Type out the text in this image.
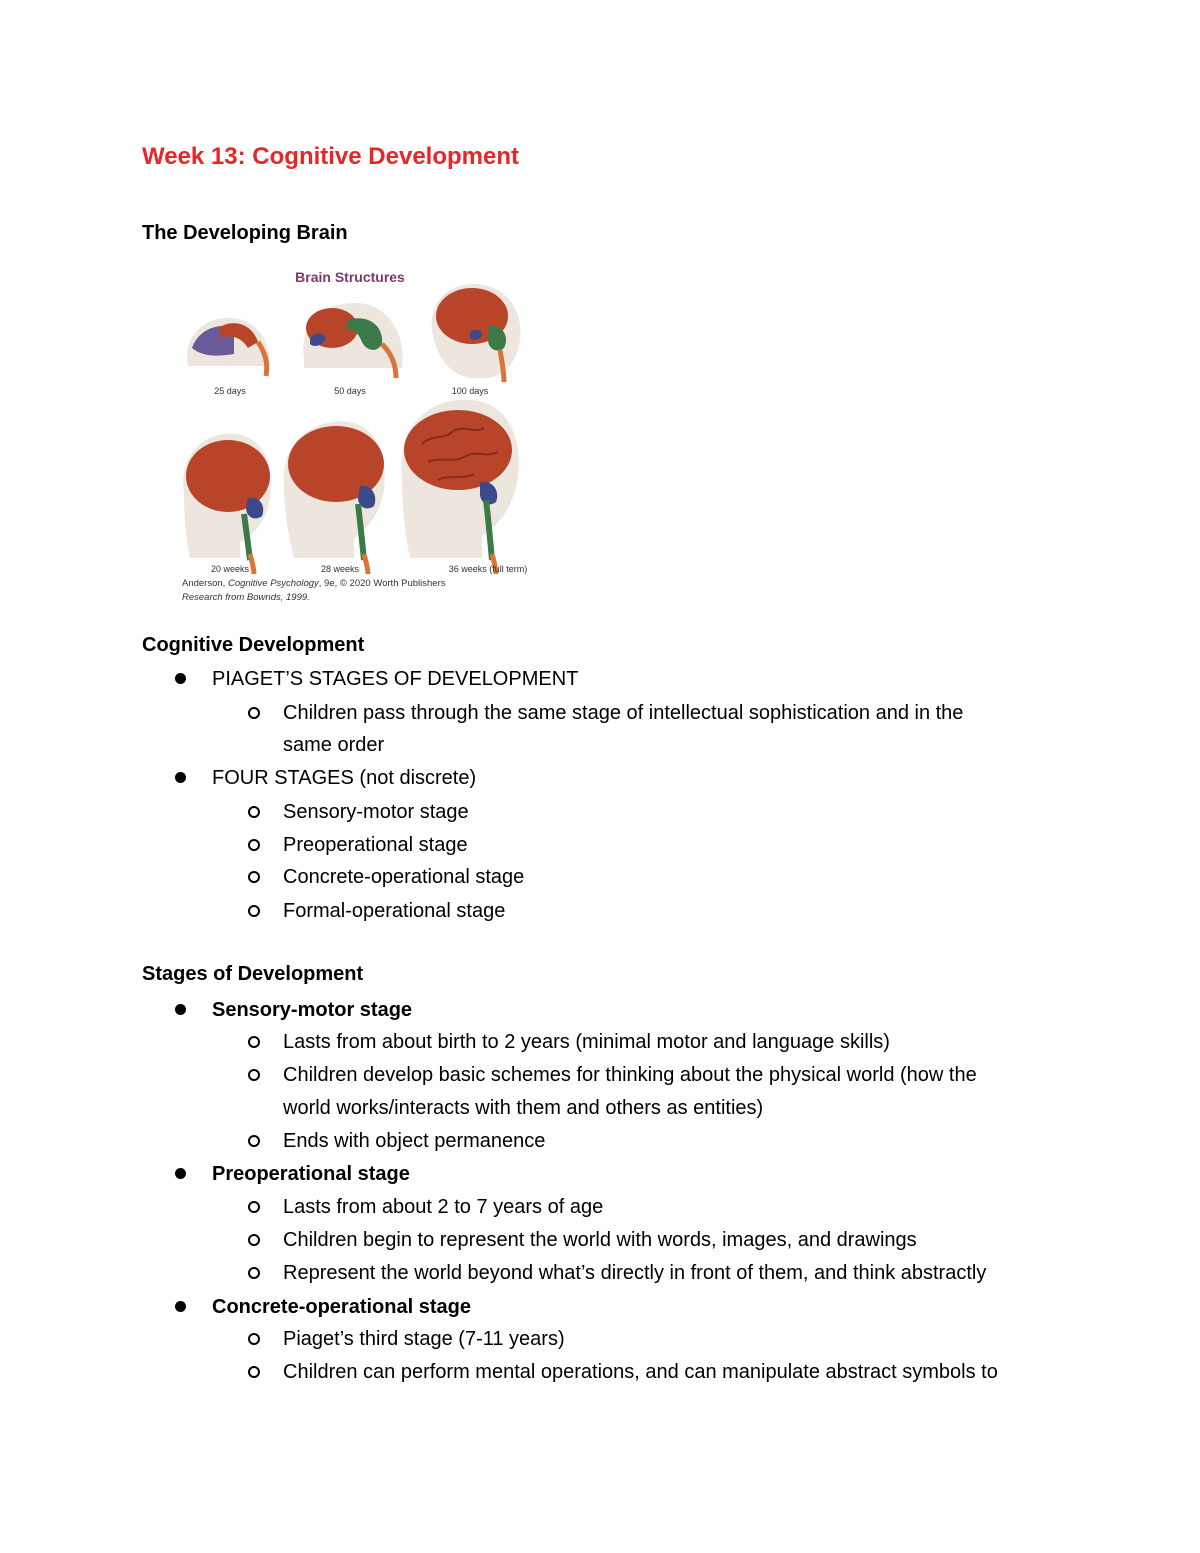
Week 13: Cognitive Development
The Developing Brain
Brain Structures
25 days	50 days	100 days
20 weeks	28 weeks	36 weeks (full term)
Anderson, Cognitive Psychology, 9e, © 2020 Worth Publishers
Research from Bownds, 1999.
Cognitive Development
PIAGET’S STAGES OF DEVELOPMENT
Children pass through the same stage of intellectual sophistication and in the
same order
FOUR STAGES (not discrete)
Sensory-motor stage
Preoperational stage
Concrete-operational stage
Formal-operational stage
Stages of Development
Sensory-motor stage
Lasts from about birth to 2 years (minimal motor and language skills)
Children develop basic schemes for thinking about the physical world (how the
world works/interacts with them and others as entities)
Ends with object permanence
Preoperational stage
Lasts from about 2 to 7 years of age
Children begin to represent the world with words, images, and drawings
Represent the world beyond what’s directly in front of them, and think abstractly
Concrete-operational stage
Piaget’s third stage (7-11 years)
Children can perform mental operations, and can manipulate abstract symbols to
